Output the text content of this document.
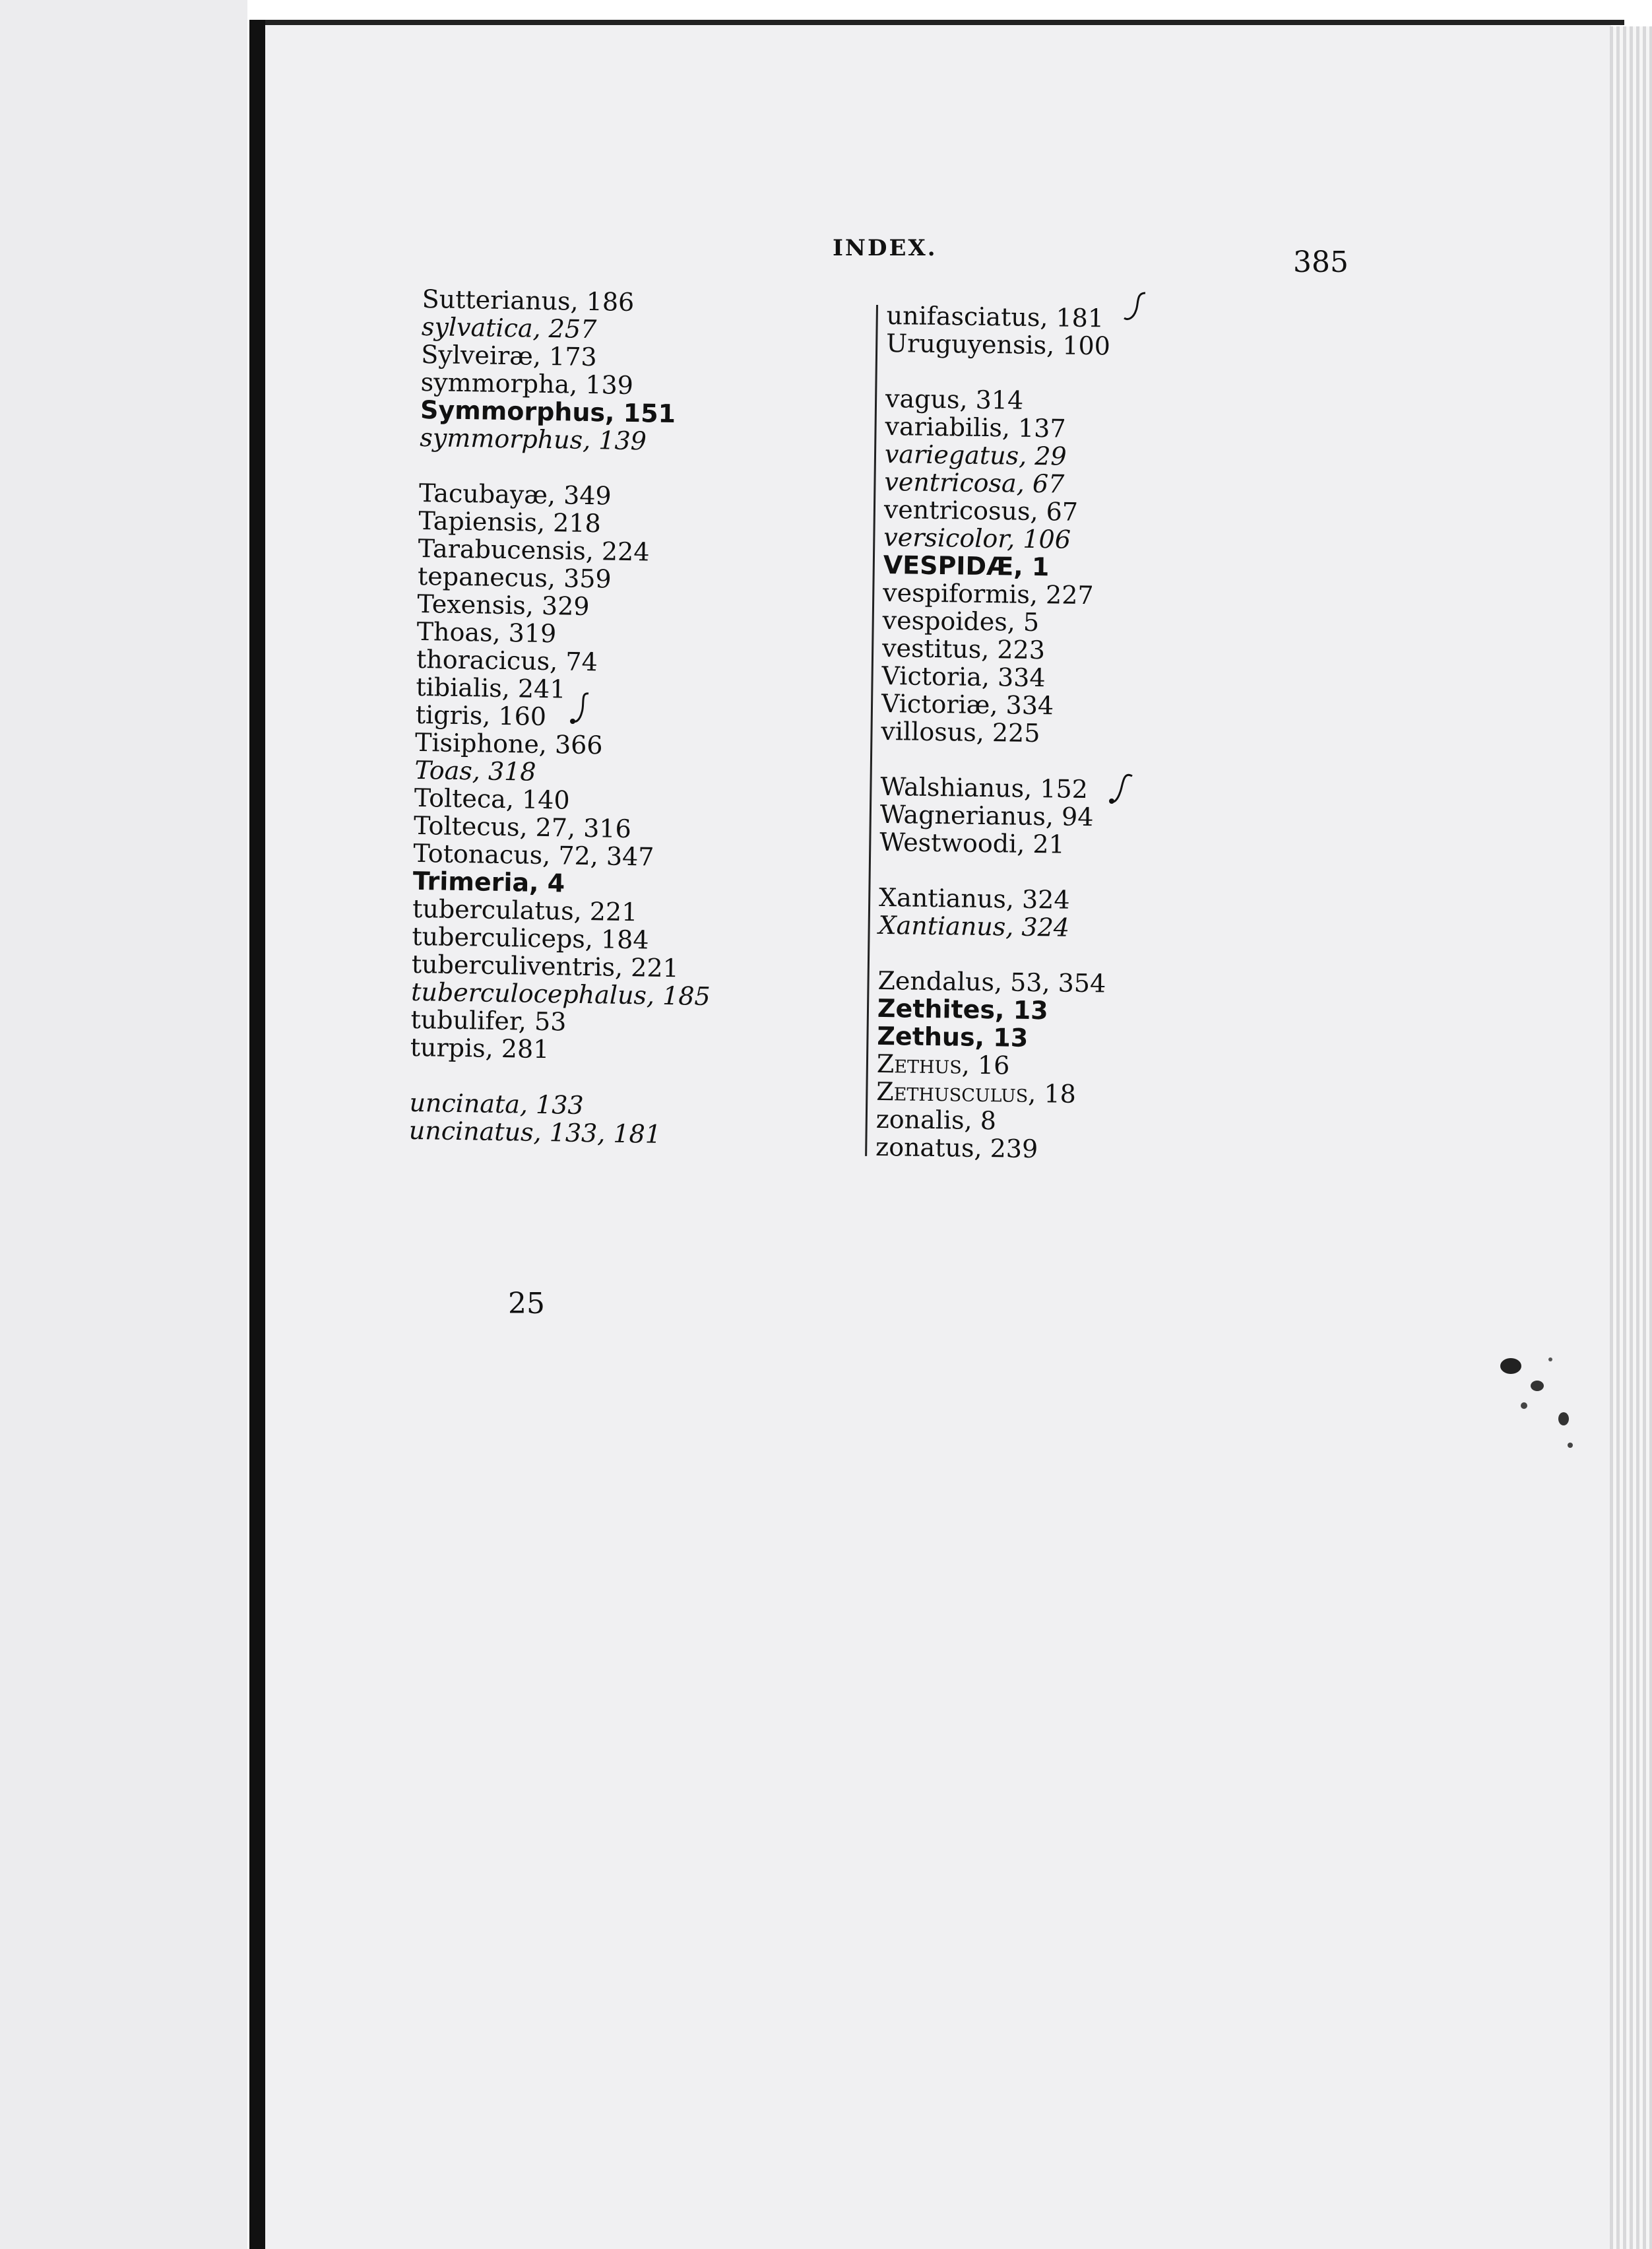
INDEX.	385
Sutterianus, 186
sylvatica, 257
Sylveiræ, 173
symmorpha, 139
Symmorphus, 151
symmorphus, 139
Tacubayæ, 349
Tapiensis, 218
Tarabucensis, 224
tepanecus, 359
Texensis, 329
Thoas, 319
thoracicus, 74
tibialis, 241
tigris, 160
Tisiphone, 366
Toas, 318
Tolteca, 140
Toltecus, 27, 316
Totonacus, 72, 347
Trimeria, 4
tuberculatus, 221
tuberculiceps, 184
tuberculiventris, 221
tuberculocephalus, 185
tubulifer, 53
turpis, 281
uncinata, 133
uncinatus, 133, 181
unifasciatus, 181
Uruguyensis, 100
vagus, 314
variabilis, 137
variegatus, 29
ventricosa, 67
ventricosus, 67
versicolor, 106
VESPIDÆ, 1
vespiformis, 227
vespoides, 5
vestitus, 223
Victoria, 334
Victoriæ, 334
villosus, 225
Walshianus, 152
Wagnerianus, 94
Westwoodi, 21
Xantianus, 324
Xantianus, 324
Zendalus, 53, 354
Zethites, 13
Zethus, 13
Zethus, 16
Zethusculus, 18
zonalis, 8
zonatus, 239
25
